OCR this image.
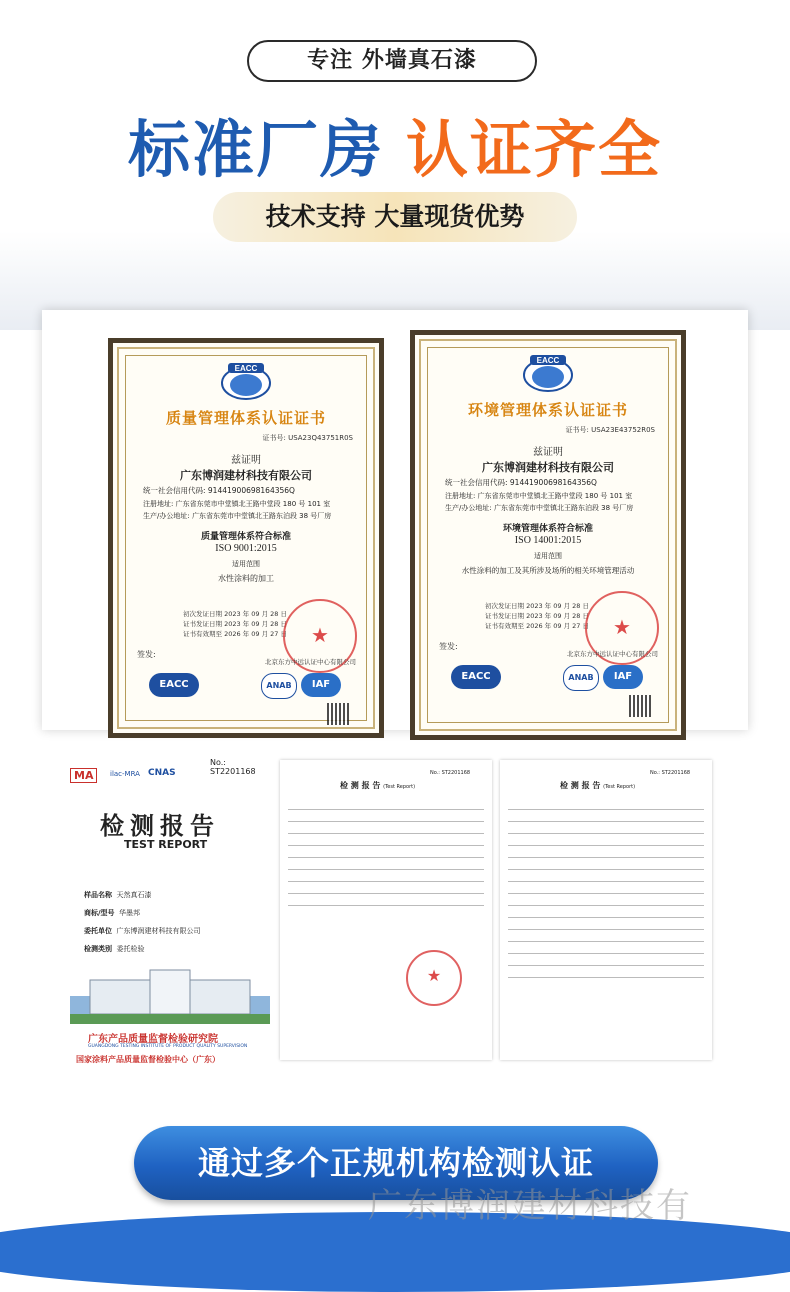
专注 外墙真石漆
标准厂房 认证齐全
技术支持 大量现货优势
EACC
质量管理体系认证证书
证书号: USA23Q43751R0S
兹证明
广东博润建材科技有限公司
统一社会信用代码: 91441900698164356Q
注册地址: 广东省东莞市中堂镇北王路中堂段 180 号 101 室
生产/办公地址: 广东省东莞市中堂镇北王路东泊段 38 号厂房
质量管理体系符合标准
ISO 9001:2015
适用范围
水性涂料的加工
初次发证日期 2023 年 09 月 28 日
证书发证日期 2023 年 09 月 28 日
证书有效期至 2026 年 09 月 27 日	★
签发:
北京东方中远认证中心有限公司
EACC	ANAB	IAF
EACC
环境管理体系认证证书
证书号: USA23E43752R0S
兹证明
广东博润建材科技有限公司
统一社会信用代码: 91441900698164356Q
注册地址: 广东省东莞市中堂镇北王路中堂段 180 号 101 室
生产/办公地址: 广东省东莞市中堂镇北王路东泊段 38 号厂房
环境管理体系符合标准
ISO 14001:2015
适用范围
水性涂料的加工及其所涉及场所的相关环境管理活动
初次发证日期 2023 年 09 月 28 日
证书发证日期 2023 年 09 月 28 日
证书有效期至 2026 年 09 月 27 日	★
签发:
北京东方中远认证中心有限公司
EACC	ANAB	IAF
MA	ilac-MRA CNAS
No.: ST2201168
检测报告
TEST REPORT
样品名称 天然真石漆
商标/型号 华墨邦
委托单位 广东博润建材科技有限公司
检测类别 委托检验
广东产品质量监督检验研究院
GUANGDONG TESTING INSTITUTE OF PRODUCT QUALITY SUPERVISION
国家涂料产品质量监督检验中心（广东）
检 测 报 告 (Test Report)
No.: ST2201168
★
检 测 报 告 (Test Report)
No.: ST2201168
通过多个正规机构检测认证
广东博润建材科技有
